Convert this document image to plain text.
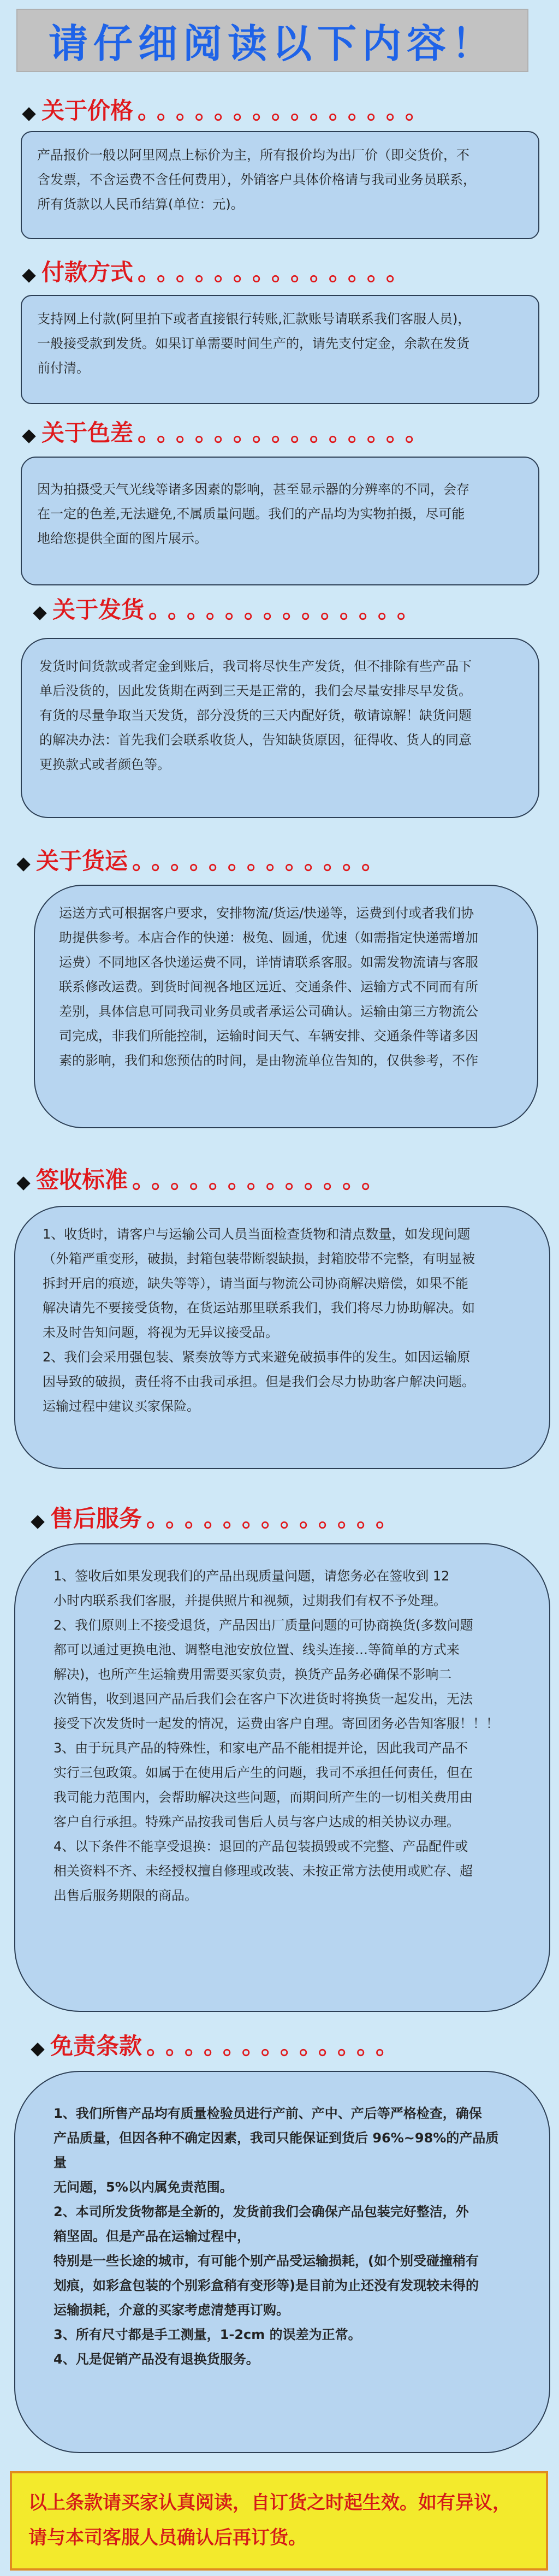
请仔细阅读以下内容！
关于价格 。。。。。。。。。。。。。。。

产品报价一般以阿里网点上标价为主，所有报价均为出厂价（即交货价，不

含发票，不含运费不含任何费用），外销客户具体价格请与我司业务员联系，

所有货款以人民币结算(单位：元)。

付款方式 。。。。。。。。。。。。。。

支持网上付款(阿里拍下或者直接银行转账,汇款账号请联系我们客服人员)，

一般接受款到发货。如果订单需要时间生产的，请先支付定金，余款在发货

前付清。

关于色差 。。。。。。。。。。。。。。。

因为拍摄受天气光线等诸多因素的影响，甚至显示器的分辨率的不同，会存

在一定的色差,无法避免,不属质量问题。我们的产品均为实物拍摄，尽可能

地给您提供全面的图片展示。

关于发货 。。。。。。。。。。。。。。

发货时间货款或者定金到账后，我司将尽快生产发货，但不排除有些产品下

单后没货的，因此发货期在两到三天是正常的，我们会尽量安排尽早发货。

有货的尽量争取当天发货，部分没货的三天内配好货，敬请谅解！缺货问题

的解决办法：首先我们会联系收货人，告知缺货原因，征得收、货人的同意

更换款式或者颜色等。

关于货运 。。。。。。。。。。。。。

运送方式可根据客户要求，安排物流/货运/快递等，运费到付或者我们协

助提供参考。本店合作的快递：极兔、圆通，优速（如需指定快递需增加

运费）不同地区各快递运费不同，详情请联系客服。如需发物流请与客服

联系修改运费。到货时间视各地区远近、交通条件、运输方式不同而有所

差别，具体信息可同我司业务员或者承运公司确认。运输由第三方物流公

司完成，非我们所能控制，运输时间天气、车辆安排、交通条件等诸多因

素的影响，我们和您预估的时间，是由物流单位告知的，仅供参考，不作

签收标准 。。。。。。。。。。。。。

1、收货时，请客户与运输公司人员当面检查货物和清点数量，如发现问题

（外箱严重变形，破损，封箱包装带断裂缺损，封箱胶带不完整，有明显被

拆封开启的痕迹，缺失等等），请当面与物流公司协商解决赔偿，如果不能

解决请先不要接受货物，在货运站那里联系我们，我们将尽力协助解决。如

未及时告知问题，将视为无异议接受品。

2、我们会采用强包装、紧奏放等方式来避免破损事件的发生。如因运输原

因导致的破损，责任将不由我司承担。但是我们会尽力协助客户解决问题。

运输过程中建议买家保险。

售后服务 。。。。。。。。。。。。。

1、签收后如果发现我们的产品出现质量问题，请您务必在签收到 12

小时内联系我们客服，并提供照片和视频，过期我们有权不予处理。

2、我们原则上不接受退货，产品因出厂质量问题的可协商换货(多数问题

都可以通过更换电池、调整电池安放位置、线头连接…等简单的方式来

解决)，也所产生运输费用需要买家负责，换货产品务必确保不影响二

次销售，收到退回产品后我们会在客户下次进货时将换货一起发出，无法

接受下次发货时一起发的情况，运费由客户自理。寄回团务必告知客服！！！

3、由于玩具产品的特殊性，和家电产品不能相提并论，因此我司产品不

实行三包政策。如属于在使用后产生的问题，我司不承担任何责任，但在

我司能力范围内，会帮助解决这些问题，而期间所产生的一切相关费用由

客户自行承担。特殊产品按我司售后人员与客户达成的相关协议办理。

4、以下条件不能享受退换：退回的产品包装损毁或不完整、产品配件或

相关资料不齐、未经授权擅自修理或改装、未按正常方法使用或贮存、超

出售后服务期限的商品。

免责条款 。。。。。。。。。。。。。

1、我们所售产品均有质量检验员进行产前、产中、产后等严格检查，确保

产品质量，但因各种不确定因素，我司只能保证到货后 96%~98%的产品质量

无问题，5%以内属免责范围。

2、本司所发货物都是全新的，发货前我们会确保产品包装完好整洁，外

箱坚固。但是产品在运输过程中，

特别是一些长途的城市，有可能个别产品受运输损耗，(如个别受碰撞稍有

划痕，如彩盒包装的个别彩盒稍有变形等)是目前为止还没有发现较未得的

运输损耗，介意的买家考虑清楚再订购。

3、所有尺寸都是手工测量，1-2cm 的误差为正常。

4、凡是促销产品没有退换货服务。

以上条款请买家认真阅读，自订货之时起生效。如有异议，

请与本司客服人员确认后再订货。
